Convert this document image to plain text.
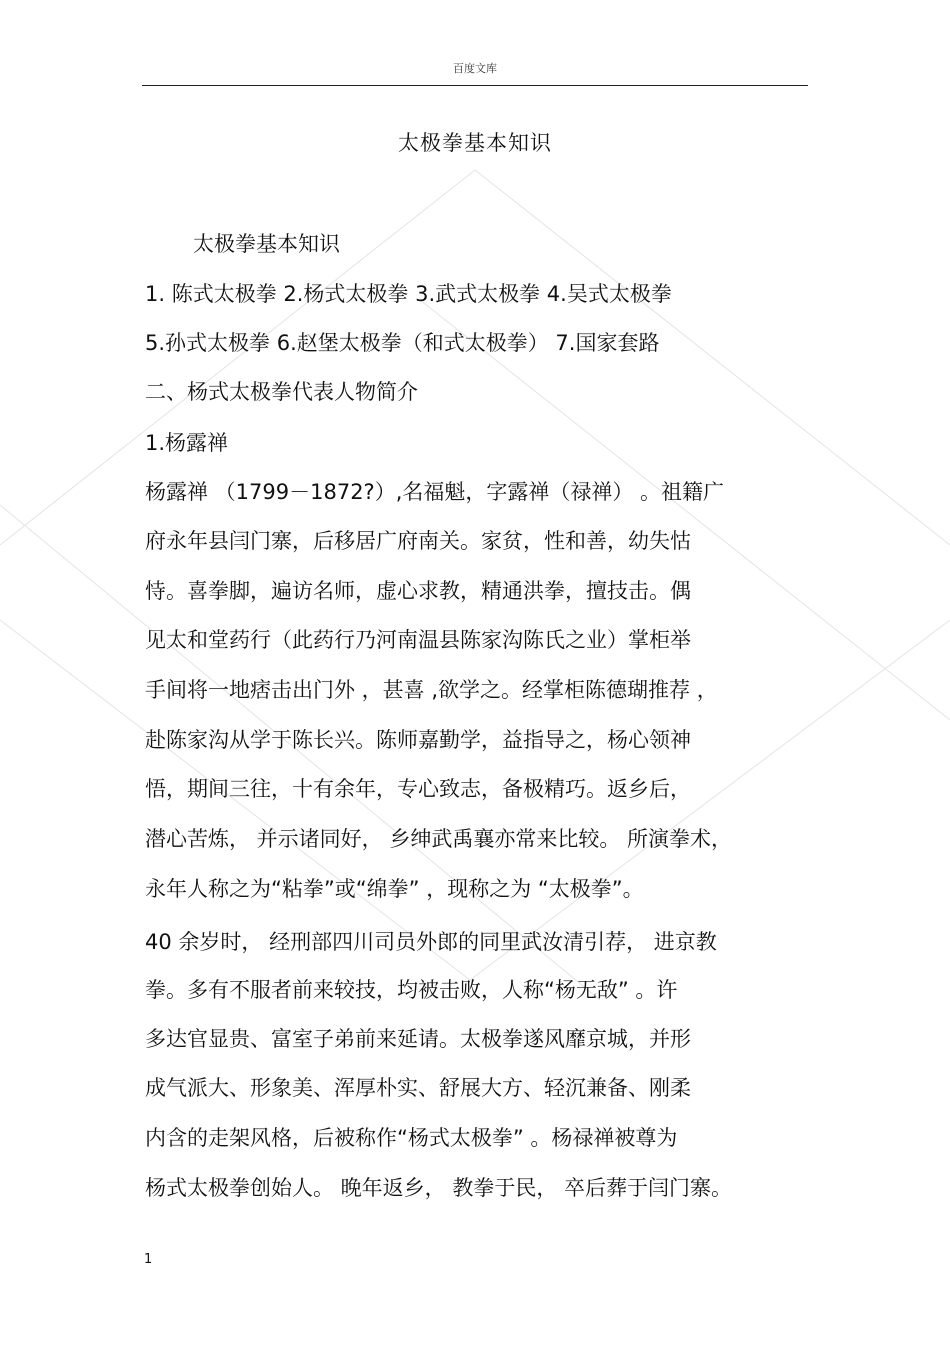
百度文库
太极拳基本知识
太极拳基本知识
1. 陈式太极拳 2.杨式太极拳 3.武式太极拳 4.吴式太极拳
5.孙式太极拳 6.赵堡太极拳（和式太极拳） 7.国家套路
二、杨式太极拳代表人物简介
1.杨露禅
杨露禅 （1799－1872?）,名福魁，字露禅（禄禅） 。祖籍广
府永年县闫门寨，后移居广府南关。家贫，性和善，幼失怙
恃。喜拳脚，遍访名师，虚心求教，精通洪拳，擅技击。偶
见太和堂药行（此药行乃河南温县陈家沟陈氏之业）掌柜举
手间将一地痞击出门外 ，甚喜 ,欲学之。经掌柜陈德瑚推荐 ，
赴陈家沟从学于陈长兴。陈师嘉勤学，益指导之，杨心领神
悟，期间三往，十有余年，专心致志，备极精巧。返乡后，
潜心苦炼， 并示诸同好， 乡绅武禹襄亦常来比较。 所演拳术，
永年人称之为“粘拳”或“绵拳” ，现称之为 “太极拳”。
40 余岁时， 经刑部四川司员外郎的同里武汝清引荐， 进京教
拳。多有不服者前来较技，均被击败，人称“杨无敌” 。许
多达官显贵、富室子弟前来延请。太极拳遂风靡京城，并形
成气派大、形象美、浑厚朴实、舒展大方、轻沉兼备、刚柔
内含的走架风格，后被称作“杨式太极拳” 。杨禄禅被尊为
杨式太极拳创始人。 晚年返乡， 教拳于民， 卒后葬于闫门寨。
1
